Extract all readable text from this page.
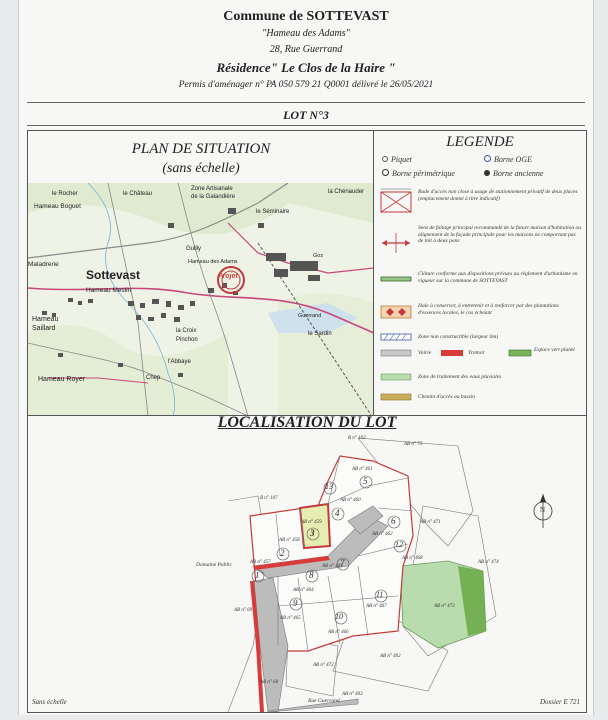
Commune de SOTTEVAST
"Hameau des Adams"
28, Rue Guerrand
Résidence" Le Clos de la Haire "
Permis d'aménager n° PA 050 579 21 Q0001 délivré le 26/05/2021
LOT N°3
PLAN DE SITUATION
(sans échelle)
le Rocher	le Château
Zone Artisanale
de la Galandière
la Chénauder
Hameau Boguet
le Séminaire
Guilly
Maladrerie
Sottevast
Hameau des Adams
Hameau Meslin
Projet
Hameau
Saillard	la Croix
Pinchon
le Sardin
l'Abbaye
Hameau Royer	Chep
Guerrand
Goz
LEGENDE
Piquet	Borne OGE
Borne périmétrique	Borne ancienne
Bade d'accès non close à usage de stationnement privatif de deux places (emplacement donné à titre indicatif)
Sens de faîtage principal recommandé de la future maison d'habitation ou alignement de la façade principale pour les maisons ne comportant pas de toit à deux pans
Clôture conforme aux dispositions prévues au règlement d'urbanisme en vigueur sur la commune de SOTTEVAST
Haie à conserver, à entretenir et à renforcer par des plantations d'essences locales, le cas échéant
Zone non constructible (largeur 6m)
Voirie	Trottoir	Espace vert planté
Zone de traitement des eaux pluviales
Chemin d'accès au bassin
LOCALISATION DU LOT
1
2
3
4
5
6
7
8
9
10
11
12
13
AB n° 461
AB n° 460
AB n° 459
AB n° 458
AB n° 457
AB n° 462
AB n° 463
AB n° 464
AB n° 465
AB n° 466
AB n° 467
AB n° 468
AB n° 471
AB n° 472
AB n° 473
AB n° 474
AB n° 402
AB n° 403
AB n° 69
AB n° 60
AB n° 73
B n° 107
B n° 102
Domaine Public
Rue Guerrand
N
Sans échelle	Dossier E 721
